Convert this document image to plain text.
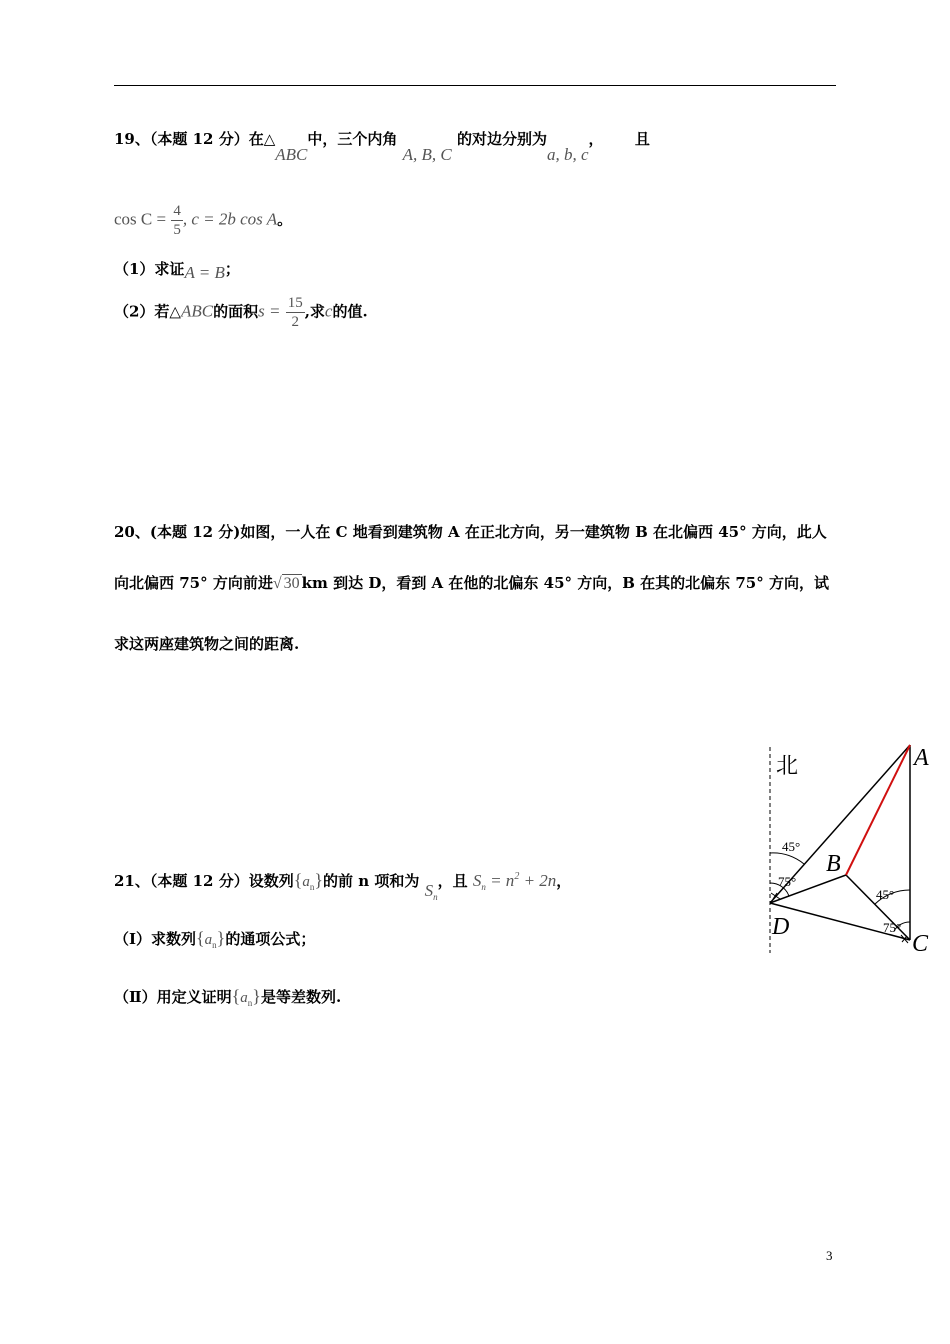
19、（本题 12 分）在△ABC中，三个内角 A, B, C 的对边分别为a, b, c， 且
$\cos C = \frac{4}{5}$ , c = 2b cos A。
（1）求证A = B；
（2）若△ABC的面积$s = \frac{15}{2}$ ,求c的值.
20、(本题 12 分)如图，一人在 C 地看到建筑物 A 在正北方向，另一建筑物 B 在北偏西 45° 方向，此人
向北偏西 75° 方向前进√ 30 km 到达 D，看到 A 在他的北偏东 45° 方向，B 在其的北偏东 75° 方向，试
求这两座建筑物之间的距离.
北	A
B
C
D
45°
75°
45°
75°
21、（本题 12 分）设数列$\{a_n\}$的前 n 项和为 $S_n$，且 $S_n = n^2 + 2n$，
（Ⅰ）求数列$\{a_n\}$的通项公式；
（Ⅱ）用定义证明$\{a_n\}$是等差数列.
3
